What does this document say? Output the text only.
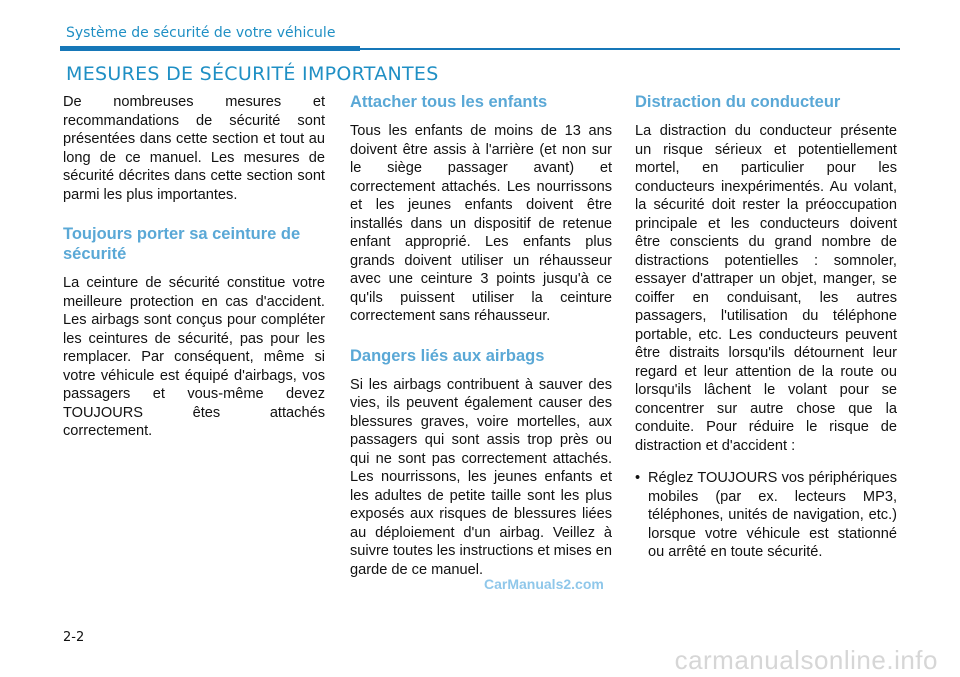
Système de sécurité de votre véhicule
MESURES DE SÉCURITÉ IMPORTANTES

De nombreuses mesures et recommandations de sécurité sont présentées dans cette section et tout au long de ce manuel. Les mesures de sécurité décrites dans cette section sont parmi les plus importantes.

Toujours porter sa ceinture de sécurité

La ceinture de sécurité constitue votre meilleure protection en cas d'accident. Les airbags sont conçus pour compléter les ceintures de sécurité, pas pour les remplacer. Par conséquent, même si votre véhicule est équipé d'airbags, vos passagers et vous-même devez TOUJOURS êtes attachés correctement.

Attacher tous les enfants

Tous les enfants de moins de 13 ans doivent être assis à l'arrière (et non sur le siège passager avant) et correctement attachés. Les nourrissons et les jeunes enfants doivent être installés dans un dispositif de retenue enfant approprié. Les enfants plus grands doivent utiliser un réhausseur avec une ceinture 3 points jusqu'à ce qu'ils puissent utiliser la ceinture correctement sans réhausseur.

Dangers liés aux airbags

Si les airbags contribuent à sauver des vies, ils peuvent également causer des blessures graves, voire mortelles, aux passagers qui sont assis trop près ou qui ne sont pas correctement attachés. Les nourrissons, les jeunes enfants et les adultes de petite taille sont les plus exposés aux risques de blessures liées au déploiement d'un airbag. Veillez à suivre toutes les instructions et mises en garde de ce manuel.

Distraction du conducteur

La distraction du conducteur présente un risque sérieux et potentiellement mortel, en particulier pour les conducteurs inexpérimentés. Au volant, la sécurité doit rester la préoccupation principale et les conducteurs doivent être conscients du grand nombre de distractions potentielles : somnoler, essayer d'attraper un objet, manger, se coiffer en conduisant, les autres passagers, l'utilisation du téléphone portable, etc. Les conducteurs peuvent être distraits lorsqu'ils détournent leur regard et leur attention de la route ou lorsqu'ils lâchent le volant pour se concentrer sur autre chose que la conduite. Pour réduire le risque de distraction et d'accident :

• Réglez TOUJOURS vos périphériques mobiles (par ex. lecteurs MP3, téléphones, unités de navigation, etc.) lorsque votre véhicule est stationné ou arrêté en toute sécurité.
CarManuals2.com
2-2
carmanualsonline.info
